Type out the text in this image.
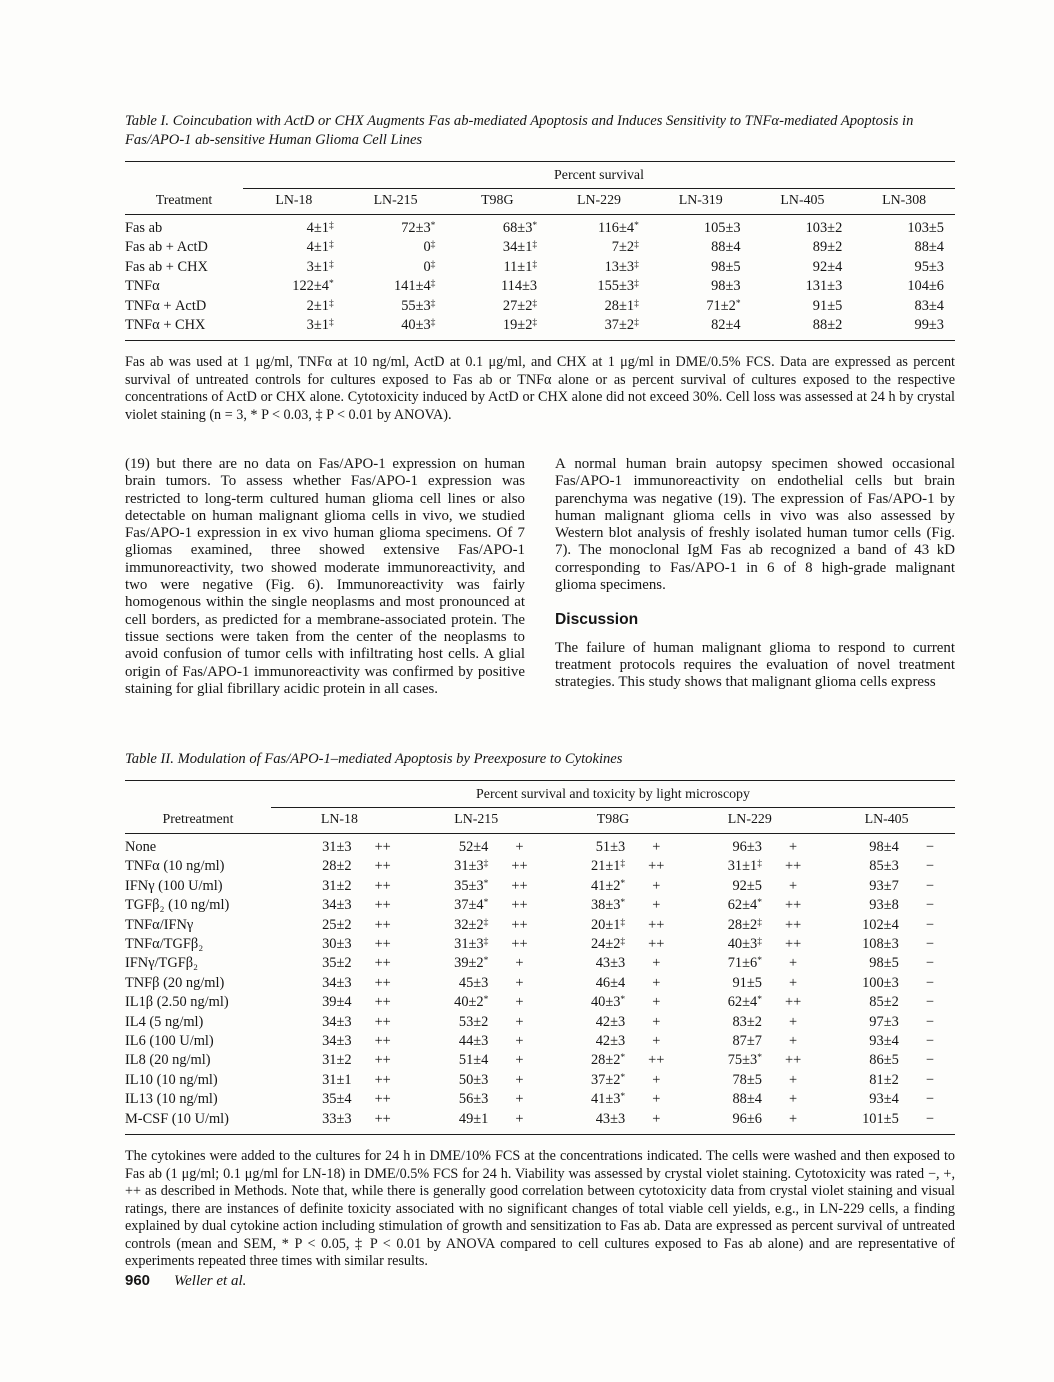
Table I. Coincubation with ActD or CHX Augments Fas ab-mediated Apoptosis and Induces Sensitivity to TNFα-mediated Apoptosis in Fas/APO-1 ab-sensitive Human Glioma Cell Lines
Percent survival
Treatment	LN-18	LN-215	T98G	LN-229	LN-319	LN-405	LN-308
Fas ab	4±1‡	72±3*	68±3*	116±4*	105±3	103±2	103±5
Fas ab + ActD	4±1‡	0‡	34±1‡	7±2‡	88±4	89±2	88±4
Fas ab + CHX	3±1‡	0‡	11±1‡	13±3‡	98±5	92±4	95±3
TNFα	122±4*	141±4‡	114±3	155±3‡	98±3	131±3	104±6
TNFα + ActD	2±1‡	55±3‡	27±2‡	28±1‡	71±2*	91±5	83±4
TNFα + CHX	3±1‡	40±3‡	19±2‡	37±2‡	82±4	88±2	99±3
Fas ab was used at 1 μg/ml, TNFα at 10 ng/ml, ActD at 0.1 μg/ml, and CHX at 1 μg/ml in DME/0.5% FCS. Data are expressed as percent survival of untreated controls for cultures exposed to Fas ab or TNFα alone or as percent survival of cultures exposed to the respective concentrations of ActD or CHX alone. Cytotoxicity induced by ActD or CHX alone did not exceed 30%. Cell loss was assessed at 24 h by crystal violet staining (n = 3, * P < 0.03, ‡ P < 0.01 by ANOVA).

(19) but there are no data on Fas/APO-1 expression on human brain tumors. To assess whether Fas/APO-1 expression was restricted to long-term cultured human glioma cell lines or also detectable on human malignant glioma cells in vivo, we studied Fas/APO-1 expression in ex vivo human glioma specimens. Of 7 gliomas examined, three showed extensive Fas/APO-1 immunoreactivity, two showed moderate immunoreactivity, and two were negative (Fig. 6). Immunoreactivity was fairly homogenous within the single neoplasms and most pronounced at cell borders, as predicted for a membrane-associated protein. The tissue sections were taken from the center of the neoplasms to avoid confusion of tumor cells with infiltrating host cells. A glial origin of Fas/APO-1 immunoreactivity was confirmed by positive staining for glial fibrillary acidic protein in all cases.

A normal human brain autopsy specimen showed occasional Fas/APO-1 immunoreactivity on endothelial cells but brain parenchyma was negative (19). The expression of Fas/APO-1 by human malignant glioma cells in vivo was also assessed by Western blot analysis of freshly isolated human tumor cells (Fig. 7). The monoclonal IgM Fas ab recognized a band of 43 kD corresponding to Fas/APO-1 in 6 of 8 high-grade malignant glioma specimens.

Discussion

The failure of human malignant glioma to respond to current treatment protocols requires the evaluation of novel treatment strategies. This study shows that malignant glioma cells express

Table II. Modulation of Fas/APO-1–mediated Apoptosis by Preexposure to Cytokines
Percent survival and toxicity by light microscopy
Pretreatment	LN-18	LN-215	T98G	LN-229	LN-405
None	31±3	++	52±4	+	51±3	+	96±3	+	98±4	−
TNFα (10 ng/ml)	28±2	++	31±3‡	++	21±1‡	++	31±1‡	++	85±3	−
IFNγ (100 U/ml)	31±2	++	35±3*	++	41±2*	+	92±5	+	93±7	−
TGFβ₂ (10 ng/ml)	34±3	++	37±4*	++	38±3*	+	62±4*	++	93±8	−
TNFα/IFNγ	25±2	++	32±2‡	++	20±1‡	++	28±2‡	++	102±4	−
TNFα/TGFβ₂	30±3	++	31±3‡	++	24±2‡	++	40±3‡	++	108±3	−
IFNγ/TGFβ₂	35±2	++	39±2*	+	43±3	+	71±6*	+	98±5	−
TNFβ (20 ng/ml)	34±3	++	45±3	+	46±4	+	91±5	+	100±3	−
IL1β (2.50 ng/ml)	39±4	++	40±2*	+	40±3*	+	62±4*	++	85±2	−
IL4 (5 ng/ml)	34±3	++	53±2	+	42±3	+	83±2	+	97±3	−
IL6 (100 U/ml)	34±3	++	44±3	+	42±3	+	87±7	+	93±4	−
IL8 (20 ng/ml)	31±2	++	51±4	+	28±2*	++	75±3*	++	86±5	−
IL10 (10 ng/ml)	31±1	++	50±3	+	37±2*	+	78±5	+	81±2	−
IL13 (10 ng/ml)	35±4	++	56±3	+	41±3*	+	88±4	+	93±4	−
M-CSF (10 U/ml)	33±3	++	49±1	+	43±3	+	96±6	+	101±5	−
The cytokines were added to the cultures for 24 h in DME/10% FCS at the concentrations indicated. The cells were washed and then exposed to Fas ab (1 μg/ml; 0.1 μg/ml for LN-18) in DME/0.5% FCS for 24 h. Viability was assessed by crystal violet staining. Cytotoxicity was rated −, +, ++ as described in Methods. Note that, while there is generally good correlation between cytotoxicity data from crystal violet staining and visual ratings, there are instances of definite toxicity associated with no significant changes of total viable cell yields, e.g., in LN-229 cells, a finding explained by dual cytokine action including stimulation of growth and sensitization to Fas ab. Data are expressed as percent survival of untreated controls (mean and SEM, * P < 0.05, ‡ P < 0.01 by ANOVA compared to cell cultures exposed to Fas ab alone) and are representative of experiments repeated three times with similar results.
960 Weller et al.
